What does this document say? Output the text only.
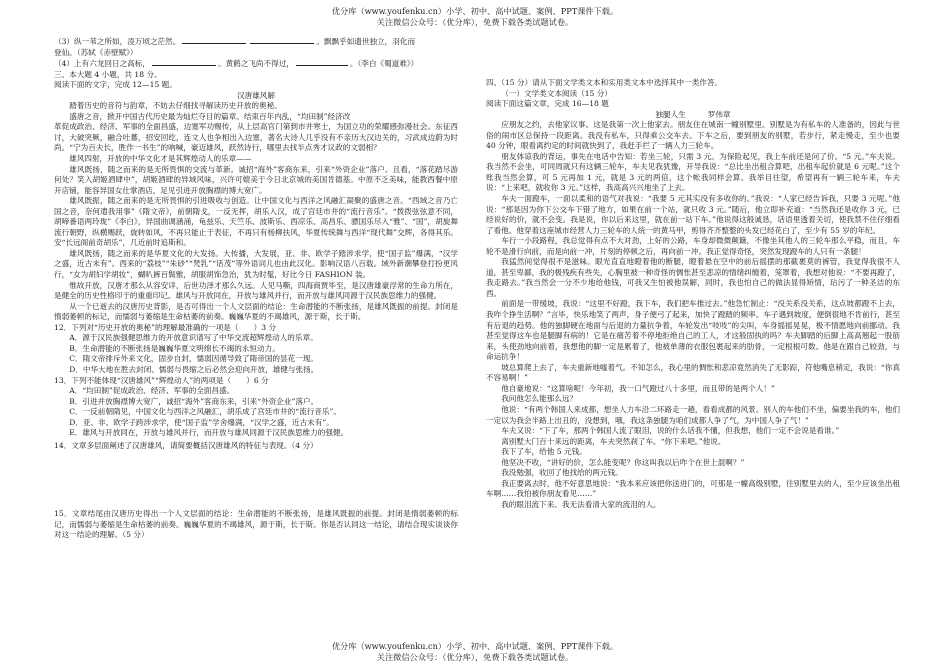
优分库（www.youfenku.cn）小学、初中、高中试题、案例、PPT课件下载。
关注微信公众号：（优分库），免费下载各类试题试卷。

（3）纵一苇之所如，凌万顷之茫然。	。飘飘乎如遗世独立，羽化而

登仙。（苏轼《赤壁赋》）

（4）上有六龙回日之高标，	。黄鹤之飞尚不得过，	。（李白《蜀道难》）

三、本大题 4 小题，共 18 分。

阅读下面的文字，完成 12—15 题。

汉唐雄风解

踏着历史的音符与韵章，不妨去仔细找寻解读历史开放的奥秘。

盛唐之音，掀开中国古代历史最为灿烂夺目的篇章。结束百年内乱，“均田制”经济改

革促成政治、经济、军事的全面昌盛，边塞军功赐传，从上层高官门第到市井寒士，为国立功的荣耀感弥漫社会。东征西讨，大破突厥，融合吐蕃，招安回纥，连文人也争相出入边塞，著名大诗人几乎没有不亲历大汉边关的，习武成边蔚为时尚。“宁为百夫长，胜作一书生”的吶喊，豪迈雄风，跃然诗行，哪里去找半点秀才议政的文弱相？

雄风四射，开放的中华文化才是其辉煌动人的乐章——

雄风既扬，随之而来的是无所畏惧的交流与革新。诚招“海外”客商东来，引来“外资企业”落户。且看，“落花踏尽游何处？笑入胡姬酒肆中”，胡姬酒肆的异域风味，兴许可媲美于今日北京城的美国肯德基。中原不乏美味，能教西餐中原开店铺，能容异国女仕掌酒店，足见引进开放胸襟的博大宽广。

雄风既振，随之而来的是无所畏惧的引进吸收与创造。让中国文化与西洋之风融汇凝聚的盛唐之音。“西域之音乃亡国之音，奈何遣我用事”《隋文帝》，前朝隋戈，一反无挥，胡乐入汉，成了宫廷市井的“流行音乐”。“拨拨弦弦意不同，胡啼番语两玲珑”《李白》，异国曲调涵涌，龟兹乐、天竺乐、波斯乐、西凉乐、高昌乐、骠国乐尽入“雅”、“国”，胡旋舞流行朝野，纵横赐跃，旋转如风，不再只能止于表征，不再只有杨柳扶风，华夏传统舞与西洋“现代舞”交辉，各得其乐。安“长远阁前奇胡乐”，几近前时追斯和。

雄风既扬，随之而来的是华夏文化的大发扬。大传播，大发展，亚、非、欧学子踏涉求学，使“国子监”爆满，“汉学之盛，近古未有”。西来的“荔枝”“朱砂”“梵乳”“话茂”等外语词儿也由此汉化。影响汉语八百载。域外新潮攀登打扮更风行，“女为胡妇学胡妆”，蝴叭裤百鬓雅，胡服胡饰急治，犹为时髦，好比今日 FASHION 装。

惟故开放，汉唐才那么从容安详，后世功泽才那么久远。人见马嘶，四海商贾毕至，是汉唐雄豪浮常的生命力所在，是健全的历史性格印于的重重印记。雄风与开放同在，开放与雄风并行，而开放与雄风同源于汉民族思维力的强健。

从一个已逝去的汉唐历史背影，是否可得出一个人文层面的结论：生命潜能的不断张扬，是雄风既振的前提。封闭是惰弱萎顿的标记，而懦弱与萎缩是生命枯萎的前奏。巍巍华夏的不竭雄风，源于斯，长于斯。

12．下列对“历史开放的奥秘”的理解最准确的一项是（　　）3 分

A．源于汉民族强健思维力的开放意识谱写了中华交流超辉煌动人的乐章。

B．生命潜能的不断张扬是巍巍华夏文明绵长不竭的永恒动力。

C．隋文帝排斥外来文化，固步自封，懦弱因循导致了隋帝国的昙花一现。

D．中华大地在胜去封闭、懦弱与畏缩之后必然会迎向开放，雄健与张扬。

13．下列不能体现“汉唐雄风”“辉煌动人”的两项是（　　）6 分

A．“均田制”促成政治、经济、军事的全面昌盛。

B．引进并放胸襟博大宽广，诚招“海外”客商东来，引来“外资企业”落户。

C．一反前朝隋见，中国文化与西洋之风融汇，胡乐成了宫廷市井的“流行音乐”。

D．亚、非、欧学子跨涉求学，使“国子监”学舍爆满，“汉学之盛，近古未有”。

E．雄风与开放同在，开放与雄风并行，而开放与雄风同源于汉民族思维力的强健。

14．文章多层面阐述了汉唐雄风，请简要概括汉唐雄风的特征与表现。（4 分）

15．文章结尾由汉唐历史得出一个人文层面的结论：生命潜能的不断张扬，是雄风既振的前提。封闭是惰弱萎顿的标记，而懦弱与萎缩是生命枯萎的前奏。巍巍华夏的不竭雄风，源于斯，长于斯。你是否认同这一结论，请结合现实谈谈你对这一结论的理解。（5 分）

四、（15 分）请从下面文学类文本和实用类文本中选择其中一类作答。

（一）文学类文本阅读（15 分）

阅读下面这篇文章，完成 16—18 题

独腿人生	罗伟章

应朋友之约，去他家议事。这是我第一次上他家去。朋友住在城南一幢别墅里。别墅是为有私车的人准备的，因此与世俗的闹市区总保持一段距离。我没有私车，只得乘公交车去。下车之后，要到朋友的别墅，若步行，紧走慢走，至少也要 40 分钟，眼看离约定的时间就快到了，我赶手拦了一辆人力三轮车。

朋友体谅我的背运，事先在电话中告知：若坐三轮，只需 3 元。为保险起见，我上车前还是问了价。“5 元。”车夫说。我当然不会坐，可同周就只有这辆三轮车，车夫见我犹豫，开导我说：“总比坐出租合算吧，出租车起价就是 6 元呢。”这个账我当然会算，可 5 元再加 1 元，就是 3 元的两倍，这个帐我同样会算。我举目往望，希望再有一辆三轮车来，车夫说：“上来吧，就收你 3 元。”这样，我高高兴兴地坐了上去。

车夫一面蹬车，一面以柔和的语气对我说：“我要 5 元其实没有多收你的。”我说：“人家已经告诉我，只要 3 元呢。”他说：“那是因为你下公交车下错了地方，如果在前一个站，就只收 3 元。”随后，他立即补充道：“当然我还是收你 3 元，已经说好的价，就不会变。我是说，你以后来这里，就在前一站下车。”他说得这般诚恳，话语里透着关切，使我禁不住仔细看了看他。他穿着这座城市经营人力三轮车的人统一的黄马甲，剪得齐齐整整的头发已经花白了，至少有 55 岁的年纪。

车行一小段路程，我总觉得有点不大对劲，上好的公路，车身却微微颠簸，不像坐其他人的三轮车那么平稳，而且，车轮不是滑行向前，而是向前一冲，片刻的停顿之后，再向前一冲。我正觉得奇怪，突然发现蹬车的人只有一条腿！

我猛然间觉得很不是滋味。眼光直直地瞪着他的断腿，瞪着悬在空中的前后摇摆的那截裹莫的裤管，我觉得我很不人道，甚至卑鄙，我的极残疾有些失，心胸里被一种奇怪的惆怅甚至悲凉的情绪纠缠着，笼罩着，我想对他说：“不要再蹬了，我走路去。”我当然会一分不少地给他钱，可我又生怕被他误解，同时，我也怕自己的做法显得矫情，玷污了一种圣洁的东西。

前面是一带缓坡，我说：“这里不好蹬，我下车，我们把车推过去。”他急忙制止：“没关系没关系，这点坡都蹬不上去，我咋个挣生活啊？”言毕，快乐地笑了两声，身子便弓了起来，加快了蹬踏的频率。车子遇到坡度，便倒很地不肯前行，甚至有后退的趋势。他的独脚硬在地面与后退的力量抗争着，车轮发出“吱吱”的尖叫，车身摇摇晃晃，极不情愿地向前挪动。我甚至觉得这车也是腿脚有病的！它是在痛苦着不停地拒绝自己的工人，才这般固执的吗？车夫脚踏的后脚上高高翘起一股筋来，头使劲地向前着，我想他的脚一定是累着了，他被单薄的衣服包裹起来的肋骨，一定根根可数。他是在跟自己较劲，与命运抗争！

坡总算爬上去了，车夫重新地嘘着气。不知怎么，我心里的惆怅和悲凉竟然消失了无影踪，符他嘴息稍定，我说：“你真不容易啊！”

他自豪地说：“这算啥呢！今年初，我一口气蹬过八十多里，而且带的是两个人！”

我问他怎么能那么远？

他说：“有两个韩国人来成都，想坐人力车沿二环路走一趟，看看成都的风景。别人的车他们不坐，偏要坐我的车，他们一定以为我会半路上出丑的，没想到，哦，我这条独腿为咱们成都人争了气，为中国人争了气！”

车夫又说：“下了车，那两个韩国人流了眼泪，说的什么话我不懂，但我想，他们一定不会说是看谁。”

离别墅大门百十来远的距离，车夫突然刹了车。“你下来吧。”他说。

我下了车，给他 5 元钱。

他坚决不收，“讲好的价，怎么能变呢？你这叫我以后咋个在世上混啊？”

我没勉强，收回了他找给的两元钱。

我正要离去时，他不好意思地说：“我本来应该把你送进门的，可那是一幢高级别墅，往别墅里去的人，至少应该坐出租车啊……我怕被你朋友看见……”

我的眼泪流下来。我无法看清大家的流泪的人。

优分库（www.youfenku.cn）小学、初中、高中试题、案例、PPT课件下载。
关注微信公众号：（优分库），免费下载各类试题试卷。
